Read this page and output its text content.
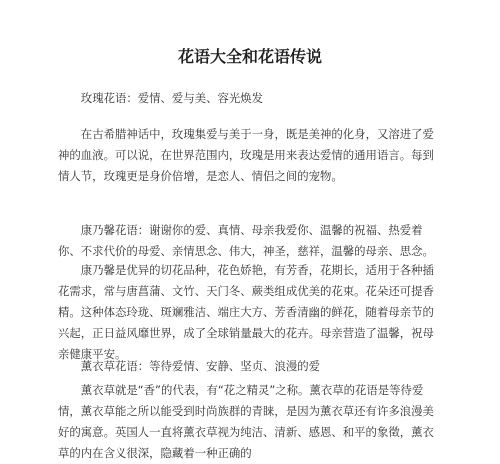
花语大全和花语传说

玫瑰花语：爱情、爱与美、容光焕发

在古希腊神话中，玫瑰集爱与美于一身，既是美神的化身，又溶进了爱神的血液。可以说，在世界范围内，玫瑰是用来表达爱情的通用语言。每到情人节，玫瑰更是身价倍增，是恋人、情侣之间的宠物。

康乃馨花语：谢谢你的爱、真情、母亲我爱你、温馨的祝福、热爱着你、不求代价的母爱、亲情思念、伟大，神圣，慈祥，温馨的母亲、思念。

康乃馨是优异的切花品种，花色娇艳，有芳香，花期长，适用于各种插花需求，常与唐菖蒲、文竹、天门冬、蕨类组成优美的花束。花朵还可提香精。这种体态玲珑、斑斓雅洁、端庄大方、芳香清幽的鲜花，随着母亲节的兴起，正日益风靡世界，成了全球销量最大的花卉。母亲营造了温馨，祝母亲健康平安。

薰衣草花语：等待爱情、安静、坚贞、浪漫的爱

薰衣草就是“香”的代表，有“花之精灵”之称。薰衣草的花语是等待爱情，薰衣草能之所以能受到时尚族群的青睐，是因为薰衣草还有许多浪漫美好的寓意。英国人一直将薰衣草视为纯洁、清新、感恩、和平的象徵，薰衣草的内在含义很深，隐藏着一种正确的
